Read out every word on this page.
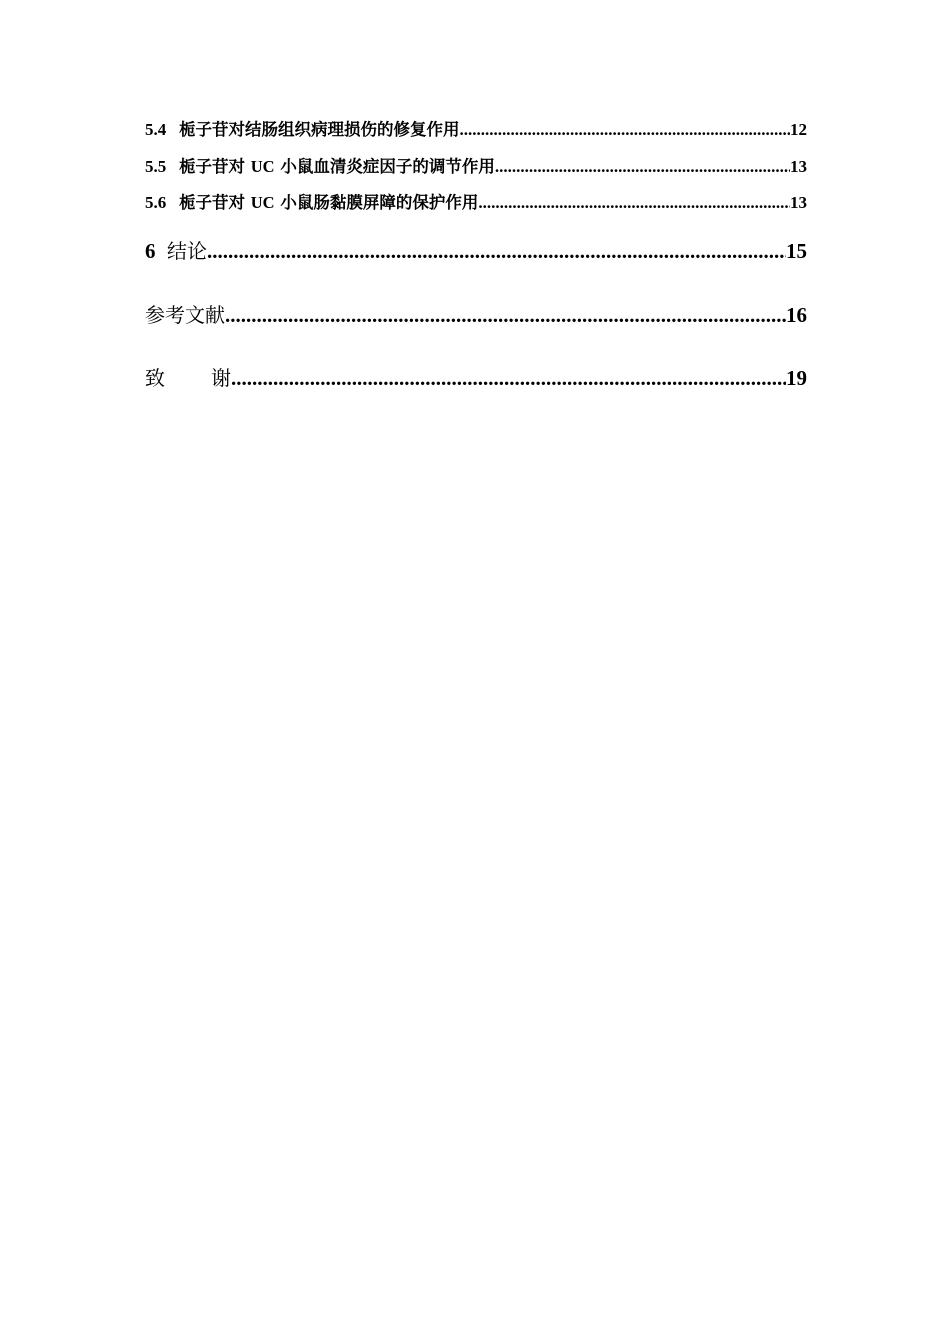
5.4 栀子苷对结肠组织病理损伤的修复作用 .....	12
5.5 栀子苷对 UC 小鼠血清炎症因子的调节作用 .....	13
5.6 栀子苷对 UC 小鼠肠黏膜屏障的保护作用 .....	13
6 结论 .....	15
参考文献 .....	16
致 谢 .....	19
